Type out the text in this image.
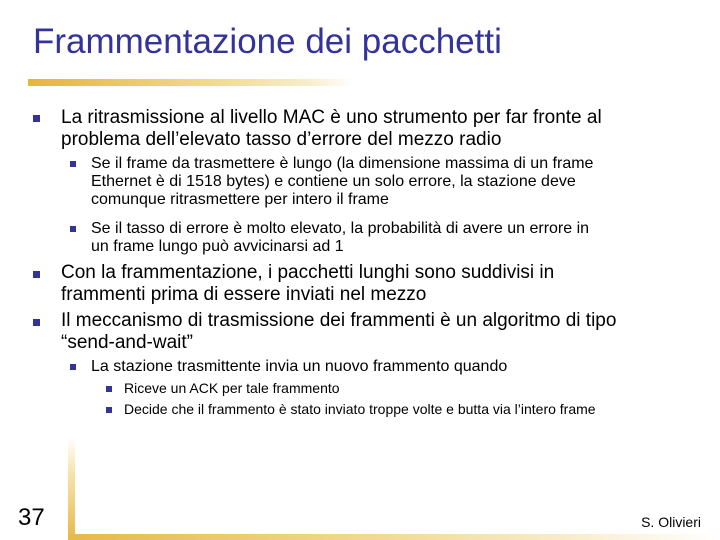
Frammentazione dei pacchetti
La ritrasmissione al livello MAC è uno strumento per far fronte al
problema dell’elevato tasso d’errore del mezzo radio
Se il frame da trasmettere è lungo (la dimensione massima di un frame
Ethernet è di 1518 bytes) e contiene un solo errore, la stazione deve
comunque ritrasmettere per intero il frame
Se il tasso di errore è molto elevato, la probabilità di avere un errore in
un frame lungo può avvicinarsi ad 1
Con la frammentazione, i pacchetti lunghi sono suddivisi in
frammenti prima di essere inviati nel mezzo
Il meccanismo di trasmissione dei frammenti è un algoritmo di tipo
“send-and-wait”
La stazione trasmittente invia un nuovo frammento quando
Riceve un ACK per tale frammento
Decide che il frammento è stato inviato troppe volte e butta via l’intero frame
37	S. Olivieri
